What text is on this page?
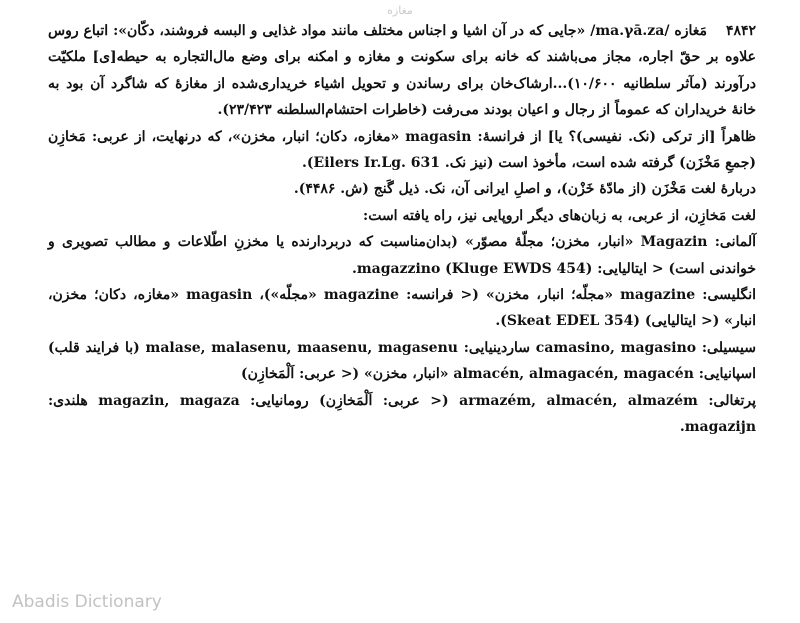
مغازه

۴۸۴۲ مَغازه /ma.γā.za/ «جایی که در آن اشیا و اجناس مختلف مانند مواد غذایی و البسه فروشند، دکّان»: اتباع روس علاوه بر حقّ اجاره، مجاز می‌باشند که خانه برای سکونت و مغازه و امکنه برای وضع مال‌التجاره به حیطه[ی] ملکیّت درآورند (مآثر سلطانیه ۱۰/۶۰۰)...ارشاک‌خان برای رساندن و تحویل اشیاء خریداری‌شده از مغازهٔ که شاگرد آن بود به خانهٔ خریداران که عموماً از رجال و اعیان بودند می‌رفت (خاطرات احتشام‌السلطنه ۲۳/۴۲۳).

ظاهراً [از ترکی (نک. نفیسی)؟ یا] از فرانسهٔ: magasin «مغازه، دکان؛ انبار، مخزن»، که درنهایت، از عربی: مَخازِن (جمعِ مَخْزَن) گرفته شده است، مأخوذ است (نیز نک. Eilers Ir.Lg. 631).

دربارهٔ لغت مَخْزَن (از مادّهٔ خَزْن)، و اصلِ ایرانی آن، نک. ذیل گَنج (ش. ۴۴۸۶).

لغت مَخازِن، از عربی، به زبان‌های دیگر اروپایی نیز، راه یافته است:

آلمانی: Magazin «انبار، مخزن؛ مجلّهٔ مصوّر» (بدان‌مناسبت که دربردارنده یا مخزنِ اطّلاعات و مطالب تصویری و خواندنی است) < ایتالیایی: magazzino (Kluge EWDS 454).

انگلیسی: magazine «مجلّه؛ انبار، مخزن» (< فرانسه: magazine «مجلّه»)، magasin «مغازه، دکان؛ مخزن، انبار» (< ایتالیایی) (Skeat EDEL 354).

سیسیلی: camasino, magasino ساردینیایی: malase, malasenu, maasenu, magasenu (با فرایند قلب) اسپانیایی: almacén, almagacén, magacén «انبار، مخزن» (< عربی: اَلْمَخازِن)

پرتغالی: armazém, almacén, almazém (< عربی: اَلْمَخازِن) رومانیایی: magazin, magaza هلندی: magazijn.

Abadis Dictionary
